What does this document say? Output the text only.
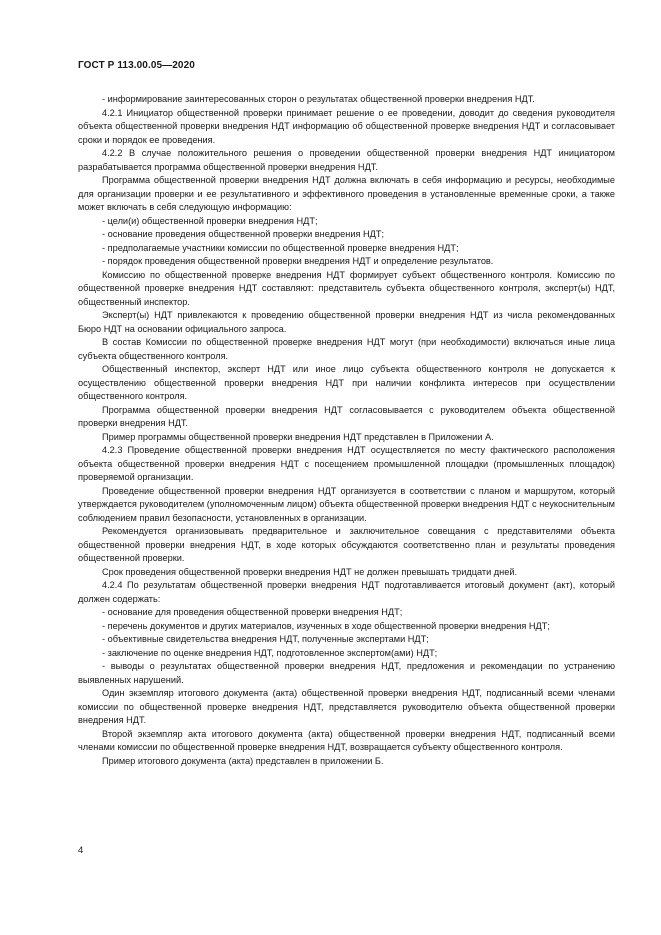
ГОСТ Р 113.00.05—2020

- информирование заинтересованных сторон о результатах общественной проверки внедрения НДТ.

4.2.1 Инициатор общественной проверки принимает решение о ее проведении, доводит до сведения руководителя объекта общественной проверки внедрения НДТ информацию об общественной проверке внедрения НДТ и согласовывает сроки и порядок ее проведения.

4.2.2 В случае положительного решения о проведении общественной проверки внедрения НДТ инициатором разрабатывается программа общественной проверки внедрения НДТ.

Программа общественной проверки внедрения НДТ должна включать в себя информацию и ресурсы, необходимые для организации проверки и ее результативного и эффективного проведения в установленные временные сроки, а также может включать в себя следующую информацию:

- цели(и) общественной проверки внедрения НДТ;

- основание проведения общественной проверки внедрения НДТ;

- предполагаемые участники комиссии по общественной проверке внедрения НДТ;

- порядок проведения общественной проверки внедрения НДТ и определение результатов.

Комиссию по общественной проверке внедрения НДТ формирует субъект общественного контроля. Комиссию по общественной проверке внедрения НДТ составляют: представитель субъекта общественного контроля, эксперт(ы) НДТ, общественный инспектор.

Эксперт(ы) НДТ привлекаются к проведению общественной проверки внедрения НДТ из числа рекомендованных Бюро НДТ на основании официального запроса.

В состав Комиссии по общественной проверке внедрения НДТ могут (при необходимости) включаться иные лица субъекта общественного контроля.

Общественный инспектор, эксперт НДТ или иное лицо субъекта общественного контроля не допускается к осуществлению общественной проверки внедрения НДТ при наличии конфликта интересов при осуществлении общественного контроля.

Программа общественной проверки внедрения НДТ согласовывается с руководителем объекта общественной проверки внедрения НДТ.

Пример программы общественной проверки внедрения НДТ представлен в Приложении А.

4.2.3 Проведение общественной проверки внедрения НДТ осуществляется по месту фактического расположения объекта общественной проверки внедрения НДТ с посещением промышленной площадки (промышленных площадок) проверяемой организации.

Проведение общественной проверки внедрения НДТ организуется в соответствии с планом и маршрутом, который утверждается руководителем (уполномоченным лицом) объекта общественной проверки внедрения НДТ с неукоснительным соблюдением правил безопасности, установленных в организации.

Рекомендуется организовывать предварительное и заключительное совещания с представителями объекта общественной проверки внедрения НДТ, в ходе которых обсуждаются соответственно план и результаты проведения общественной проверки.

Срок проведения общественной проверки внедрения НДТ не должен превышать тридцати дней.

4.2.4 По результатам общественной проверки внедрения НДТ подготавливается итоговый документ (акт), который должен содержать:

- основание для проведения общественной проверки внедрения НДТ;

- перечень документов и других материалов, изученных в ходе общественной проверки внедрения НДТ;

- объективные свидетельства внедрения НДТ, полученные экспертами НДТ;

- заключение по оценке внедрения НДТ, подготовленное экспертом(ами) НДТ;

- выводы о результатах общественной проверки внедрения НДТ, предложения и рекомендации по устранению выявленных нарушений.

Один экземпляр итогового документа (акта) общественной проверки внедрения НДТ, подписанный всеми членами комиссии по общественной проверке внедрения НДТ, представляется руководителю объекта общественной проверки внедрения НДТ.

Второй экземпляр акта итогового документа (акта) общественной проверки внедрения НДТ, подписанный всеми членами комиссии по общественной проверке внедрения НДТ, возвращается субъекту общественного контроля.

Пример итогового документа (акта) представлен в приложении Б.

4
